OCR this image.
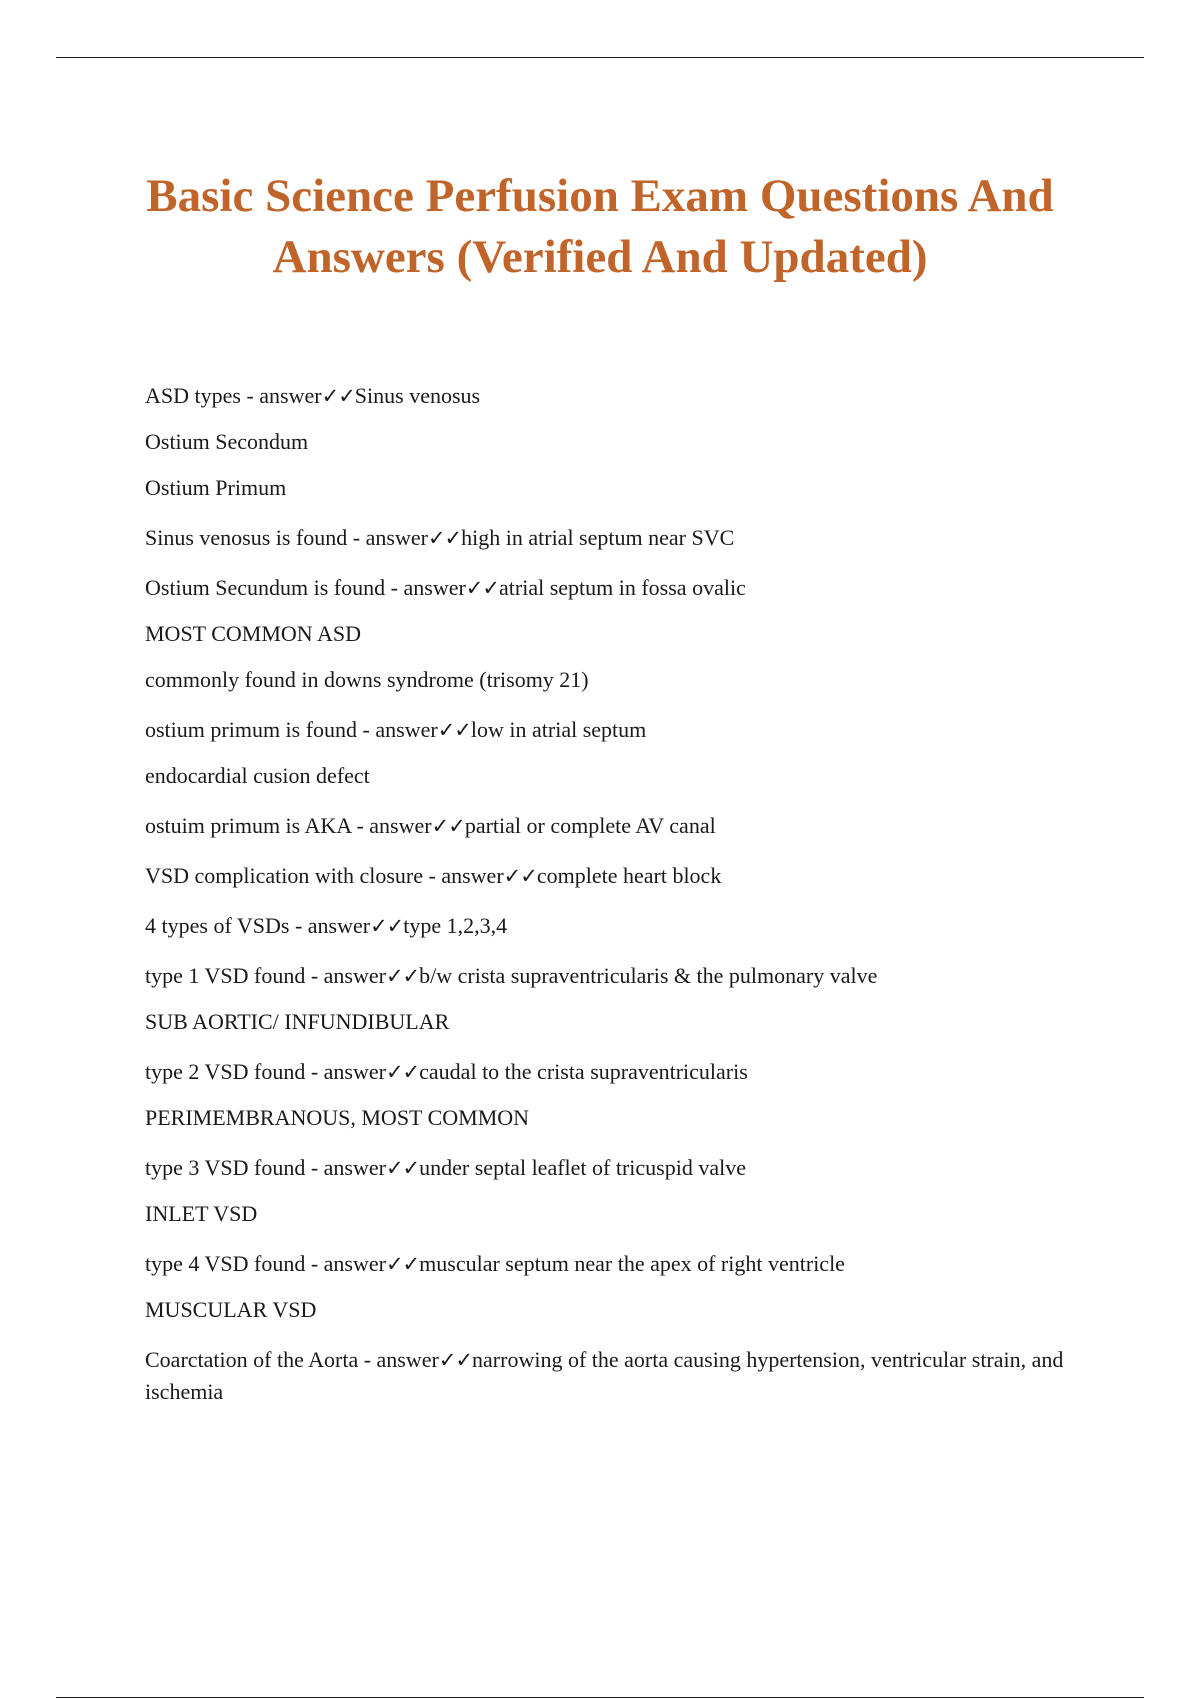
Basic Science Perfusion Exam Questions And Answers (Verified And Updated)

ASD types - answer✓✓Sinus venosus

Ostium Secondum

Ostium Primum

Sinus venosus is found - answer✓✓high in atrial septum near SVC

Ostium Secundum is found - answer✓✓atrial septum in fossa ovalic

MOST COMMON ASD

commonly found in downs syndrome (trisomy 21)

ostium primum is found - answer✓✓low in atrial septum

endocardial cusion defect

ostuim primum is AKA - answer✓✓partial or complete AV canal

VSD complication with closure - answer✓✓complete heart block

4 types of VSDs - answer✓✓type 1,2,3,4

type 1 VSD found - answer✓✓b/w crista supraventricularis & the pulmonary valve

SUB AORTIC/ INFUNDIBULAR

type 2 VSD found - answer✓✓caudal to the crista supraventricularis

PERIMEMBRANOUS, MOST COMMON

type 3 VSD found - answer✓✓under septal leaflet of tricuspid valve

INLET VSD

type 4 VSD found - answer✓✓muscular septum near the apex of right ventricle

MUSCULAR VSD

Coarctation of the Aorta - answer✓✓narrowing of the aorta causing hypertension, ventricular strain, and ischemia
